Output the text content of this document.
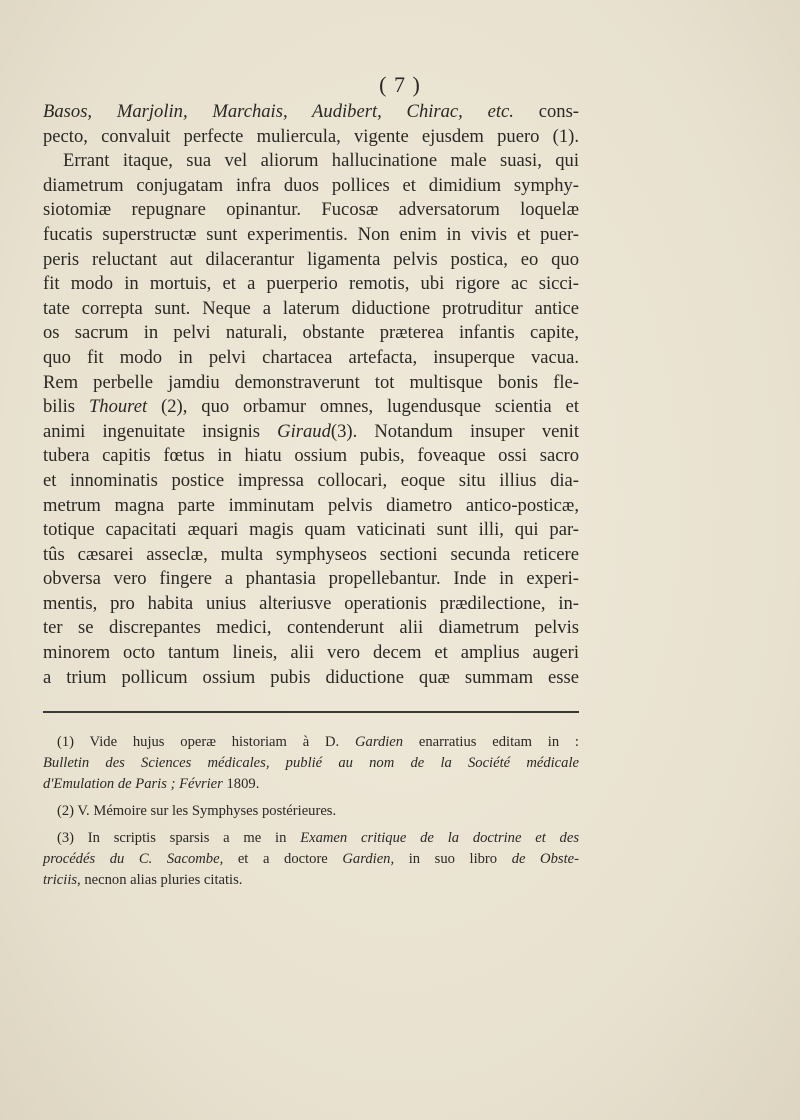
( 7 )
Basos, Marjolin, Marchais, Audibert, Chirac, etc. cons-
pecto, convaluit perfecte muliercula, vigente ejusdem puero (1).
Errant itaque, sua vel aliorum hallucinatione male suasi, qui
diametrum conjugatam infra duos pollices et dimidium symphy-
siotomiæ repugnare opinantur. Fucosæ adversatorum loquelæ
fucatis superstructæ sunt experimentis. Non enim in vivis et puer-
peris reluctant aut dilacerantur ligamenta pelvis postica, eo quo
fit modo in mortuis, et a puerperio remotis, ubi rigore ac sicci-
tate correpta sunt. Neque a laterum diductione protruditur antice
os sacrum in pelvi naturali, obstante præterea infantis capite,
quo fit modo in pelvi chartacea artefacta, insuperque vacua.
Rem perbelle jamdiu demonstraverunt tot multisque bonis fle-
bilis Thouret (2), quo orbamur omnes, lugendusque scientia et
animi ingenuitate insignis Giraud(3). Notandum insuper venit
tubera capitis fœtus in hiatu ossium pubis, foveaque ossi sacro
et innominatis postice impressa collocari, eoque situ illius dia-
metrum magna parte imminutam pelvis diametro antico-posticæ,
totique capacitati æquari magis quam vaticinati sunt illi, qui par-
tûs cæsarei asseclæ, multa symphyseos sectioni secunda reticere
obversa vero fingere a phantasia propellebantur. Inde in experi-
mentis, pro habita unius alteriusve operationis prædilectione, in-
ter se discrepantes medici, contenderunt alii diametrum pelvis
minorem octo tantum lineis, alii vero decem et amplius augeri
a trium pollicum ossium pubis diductione quæ summam esse
(1) Vide hujus operæ historiam à D. Gardien enarratius editam in :
Bulletin des Sciences médicales, publié au nom de la Société médicale
d'Emulation de Paris ; Février 1809.
(2) V. Mémoire sur les Symphyses postérieures.
(3) In scriptis sparsis a me in Examen critique de la doctrine et des
procédés du C. Sacombe, et a doctore Gardien, in suo libro de Obste-
triciis, necnon alias pluries citatis.
